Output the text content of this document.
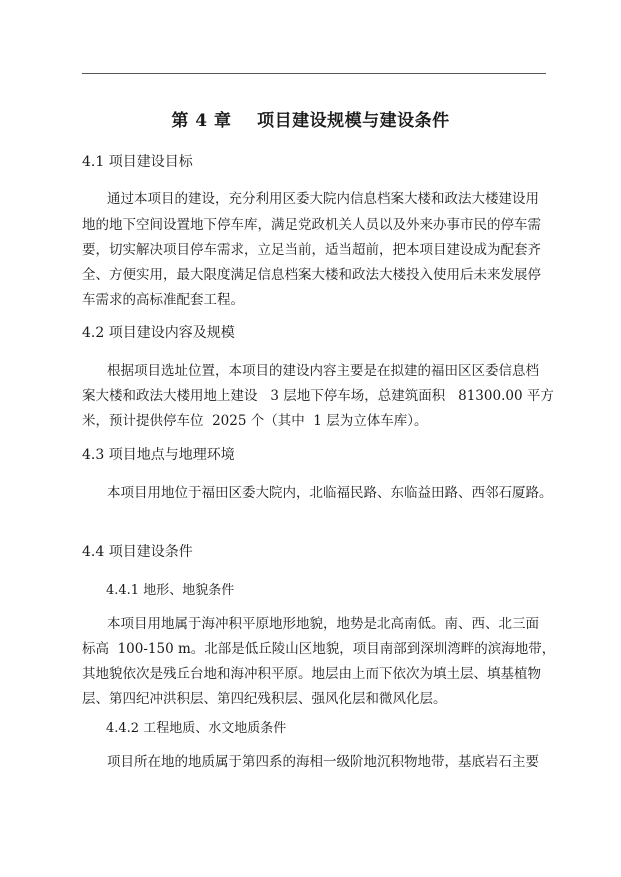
第 4 章    项目建设规模与建设条件
4.1 项目建设目标
通过本项目的建设，充分利用区委大院内信息档案大楼和政法大楼建设用
地的地下空间设置地下停车库，满足党政机关人员以及外来办事市民的停车需
要，切实解决项目停车需求，立足当前，适当超前，把本项目建设成为配套齐
全、方便实用，最大限度满足信息档案大楼和政法大楼投入使用后未来发展停
车需求的高标准配套工程。
4.2 项目建设内容及规模
根据项目选址位置，本项目的建设内容主要是在拟建的福田区区委信息档
案大楼和政法大楼用地上建设   3 层地下停车场，总建筑面积   81300.00 平方
米，预计提供停车位  2025 个（其中  1 层为立体车库）。
4.3 项目地点与地理环境
本项目用地位于福田区委大院内，北临福民路、东临益田路、西邻石厦路。
4.4 项目建设条件
4.4.1 地形、地貌条件
本项目用地属于海冲积平原地形地貌，地势是北高南低。南、西、北三面
标高  100-150 m。北部是低丘陵山区地貌，项目南部到深圳湾畔的滨海地带，
其地貌依次是残丘台地和海冲积平原。地层由上而下依次为填土层、填基植物
层、第四纪冲洪积层、第四纪残积层、强风化层和微风化层。
4.4.2 工程地质、水文地质条件
项目所在地的地质属于第四系的海相一级阶地沉积物地带，基底岩石主要
